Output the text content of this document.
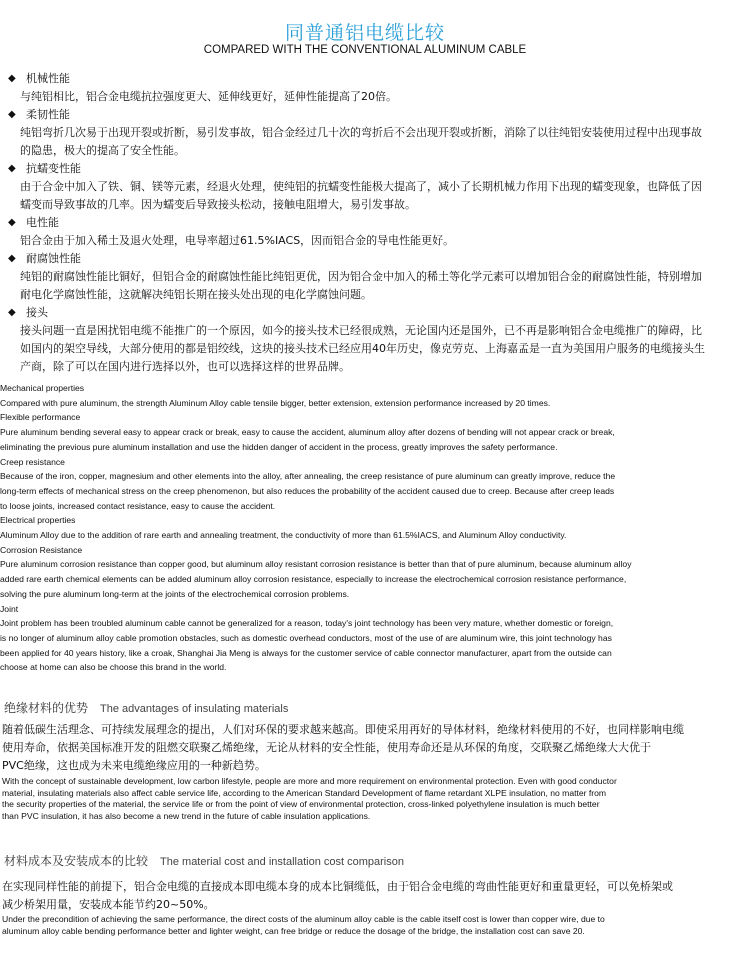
同普通铝电缆比较
COMPARED WITH THE CONVENTIONAL ALUMINUM CABLE
◆ 机械性能
与纯铝相比，铝合金电缆抗拉强度更大、延伸线更好，延伸性能提高了20倍。
◆ 柔韧性能
纯铝弯折几次易于出现开裂或折断，易引发事故，铝合金经过几十次的弯折后不会出现开裂或折断，消除了以往纯铝安装使用过程中出现事故
的隐患，极大的提高了安全性能。
◆ 抗蠕变性能
由于合金中加入了铁、铜、镁等元素，经退火处理，使纯铝的抗蠕变性能极大提高了，减小了长期机械力作用下出现的蠕变现象，也降低了因
蠕变而导致事故的几率。因为蠕变后导致接头松动，接触电阻增大，易引发事故。
◆ 电性能
铝合金由于加入稀土及退火处理，电导率超过61.5%IACS，因而铝合金的导电性能更好。
◆ 耐腐蚀性能
纯铝的耐腐蚀性能比铜好，但铝合金的耐腐蚀性能比纯铝更优，因为铝合金中加入的稀土等化学元素可以增加铝合金的耐腐蚀性能，特别增加
耐电化学腐蚀性能，这就解决纯铝长期在接头处出现的电化学腐蚀问题。
◆ 接头
接头问题一直是困扰铝电缆不能推广的一个原因，如今的接头技术已经很成熟，无论国内还是国外，已不再是影响铝合金电缆推广的障碍，比
如国内的架空导线，大部分使用的都是铝绞线，这块的接头技术已经应用40年历史，像克劳克、上海嘉孟是一直为美国用户服务的电缆接头生
产商，除了可以在国内进行选择以外，也可以选择这样的世界品牌。
Mechanical properties
Compared with pure aluminum, the strength Aluminum Alloy cable tensile bigger, better extension, extension performance increased by 20 times.
Flexible performance
Pure aluminum bending several easy to appear crack or break, easy to cause the accident, aluminum alloy after dozens of bending will not appear crack or break,
eliminating the previous pure aluminum installation and use the hidden danger of accident in the process, greatly improves the safety performance.
Creep resistance
Because of the iron, copper, magnesium and other elements into the alloy, after annealing, the creep resistance of pure aluminum can greatly improve, reduce the
long-term effects of mechanical stress on the creep phenomenon, but also reduces the probability of the accident caused due to creep. Because after creep leads
to loose joints, increased contact resistance, easy to cause the accident.
Electrical properties
Aluminum Alloy due to the addition of rare earth and annealing treatment, the conductivity of more than 61.5%IACS, and Aluminum Alloy conductivity.
Corrosion Resistance
Pure aluminum corrosion resistance than copper good, but aluminum alloy resistant corrosion resistance is better than that of pure aluminum, because aluminum alloy
added rare earth chemical elements can be added aluminum alloy corrosion resistance, especially to increase the electrochemical corrosion resistance performance,
solving the pure aluminum long-term at the joints of the electrochemical corrosion problems.
Joint
Joint problem has been troubled aluminum cable cannot be generalized for a reason, today's joint technology has been very mature, whether domestic or foreign,
is no longer of aluminum alloy cable promotion obstacles, such as domestic overhead conductors, most of the use of are aluminum wire, this joint technology has
been applied for 40 years history, like a croak, Shanghai Jia Meng is always for the customer service of cable connector manufacturer, apart from the outside can
choose at home can also be choose this brand in the world.
绝缘材料的优势 The advantages of insulating materials
随着低碳生活理念、可持续发展理念的提出，人们对环保的要求越来越高。即使采用再好的导体材料，绝缘材料使用的不好，也同样影响电缆
使用寿命，依据美国标准开发的阻燃交联聚乙烯绝缘，无论从材料的安全性能，使用寿命还是从环保的角度，交联聚乙烯绝缘大大优于
PVC绝缘，这也成为未来电缆绝缘应用的一种新趋势。
With the concept of sustainable development, low carbon lifestyle, people are more and more requirement on environmental protection. Even with good conductor
material, insulating materials also affect cable service life, according to the American Standard Development of flame retardant XLPE insulation, no matter from
the security properties of the material, the service life or from the point of view of environmental protection, cross-linked polyethylene insulation is much better
than PVC insulation, it has also become a new trend in the future of cable insulation applications.
材料成本及安装成本的比较 The material cost and installation cost comparison
在实现同样性能的前提下，铝合金电缆的直接成本即电缆本身的成本比铜缆低，由于铝合金电缆的弯曲性能更好和重量更轻，可以免桥架或
减少桥架用量，安装成本能节约20~50%。
Under the precondition of achieving the same performance, the direct costs of the aluminum alloy cable is the cable itself cost is lower than copper wire, due to
aluminum alloy cable bending performance better and lighter weight, can free bridge or reduce the dosage of the bridge, the installation cost can save 20.
